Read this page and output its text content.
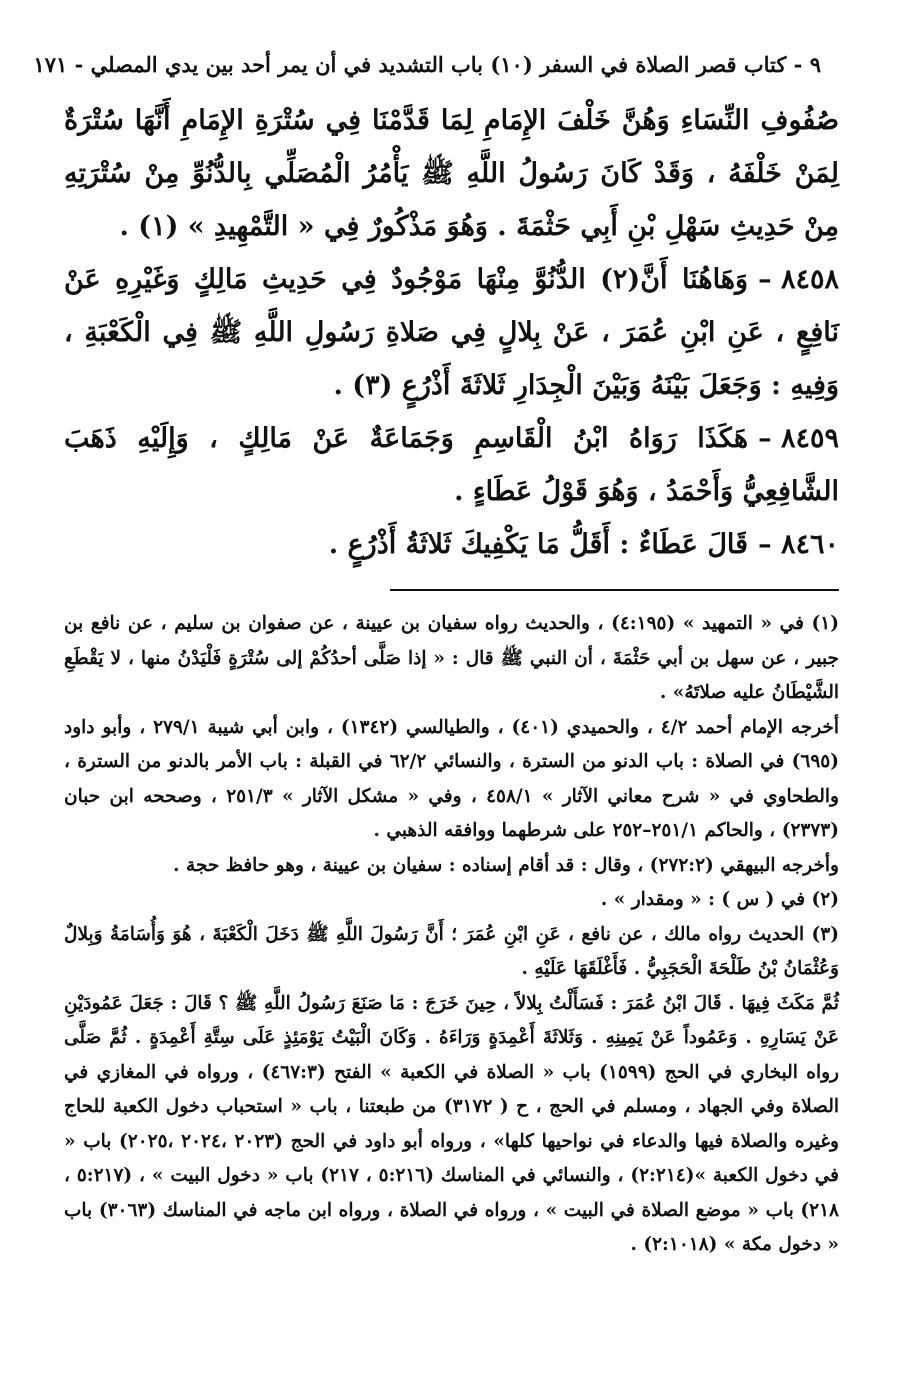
٩ - كتاب قصر الصلاة في السفر (١٠) باب التشديد في أن يمر أحد بين يدي المصلي - ١٧١

صُفُوفِ النِّسَاءِ وَهُنَّ خَلْفَ الإِمَامِ لِمَا قَدَّمْنَا فِي سُتْرَةِ الإِمَامِ أَنَّهَا سُتْرَةٌ لِمَنْ خَلْفَهُ ، وَقَدْ كَانَ رَسُولُ اللَّهِ ﷺ يَأْمُرُ الْمُصَلِّي بِالدُّنُوِّ مِنْ سُتْرَتِهِ مِنْ حَدِيثِ سَهْلِ بْنِ أَبِي حَثْمَةَ . وَهُوَ مَذْكُورٌ فِي « التَّمْهِيدِ » (١) .

٨٤٥٨ –وَهَاهُنَا أَنَّ(٢) الدُّنُوَّ مِنْهَا مَوْجُودٌ فِي حَدِيثِ مَالِكٍ وَغَيْرِهِ عَنْ نَافِعٍ ، عَنِ ابْنِ عُمَرَ ، عَنْ بِلالٍ فِي صَلاةِ رَسُولِ اللَّهِ ﷺ فِي الْكَعْبَةِ ، وَفِيهِ : وَجَعَلَ بَيْنَهُ وَبَيْنَ الْجِدَارِ ثَلاثَةَ أَذْرُعٍ (٣) .

٨٤٥٩ –هَكَذَا رَوَاهُ ابْنُ الْقَاسِمِ وَجَمَاعَةٌ عَنْ مَالِكٍ ، وَإِلَيْهِ ذَهَبَ الشَّافِعِيُّ وَأَحْمَدُ ، وَهُوَ قَوْلُ عَطَاءٍ .

٨٤٦٠ –قَالَ عَطَاءٌ : أَقَلُّ مَا يَكْفِيكَ ثَلاثَةُ أَذْرُعٍ .

(١) في « التمهيد » (٤:١٩٥) ، والحديث رواه سفيان بن عيينة ، عن صفوان بن سليم ، عن نافع بن جبير ، عن سهل بن أبي حَثْمَةَ ، أن النبي ﷺ قال : « إذا صَلَّى أحدُكُمْ إلى سُتْرَةٍ فَلْيَدْنُ منها ، لا يَقْطَعِ الشَّيْطَانُ عليه صلاتَهُ» .

أخرجه الإمام أحمد ٤/٢ ، والحميدي (٤٠١) ، والطيالسي (١٣٤٢) ، وابن أبي شيبة ٢٧٩/١ ، وأبو داود (٦٩٥) في الصلاة : باب الدنو من السترة ، والنسائي ٦٢/٢ في القبلة : باب الأمر بالدنو من السترة ، والطحاوي في « شرح معاني الآثار » ٤٥٨/١ ، وفي « مشكل الآثار » ٢٥١/٣ ، وصححه ابن حبان (٢٣٧٣) ، والحاكم ٢٥١/١–٢٥٢ على شرطهما ووافقه الذهبي .

وأخرجه البيهقي (٢٧٢:٢) ، وقال : قد أقام إسناده : سفيان بن عيينة ، وهو حافظ حجة .

(٢) في ( س ) : « ومقدار » .

(٣) الحديث رواه مالك ، عن نافع ، عَنِ ابْنِ عُمَرَ ؛ أَنَّ رَسُولَ اللَّهِ ﷺ دَخَلَ الْكَعْبَةَ ، هُوَ وَأُسَامَةُ وَبِلالٌ وَعُثْمَانُ بْنُ طَلْحَةَ الْحَجَبِيُّ . فَأَغْلَقَهَا عَلَيْهِ .

ثُمَّ مَكَثَ فِيهَا . قَالَ ابْنُ عُمَرَ : فَسَأَلْتُ بِلالاً ، حِينَ خَرَجَ : مَا صَنَعَ رَسُولُ اللَّهِ ﷺ ؟ قَالَ : جَعَلَ عَمُودَيْنِ عَنْ يَسَارِهِ . وَعَمُوداً عَنْ يَمِينِهِ . وَثَلاثَةَ أَعْمِدَةٍ وَرَاءَهُ . وَكَانَ الْبَيْتُ يَوْمَئِذٍ عَلَى سِتَّةِ أَعْمِدَةٍ . ثُمَّ صَلَّى رواه البخاري في الحج (١٥٩٩) باب « الصلاة في الكعبة » الفتح (٤٦٧:٣) ، ورواه في المغازي في الصلاة وفي الجهاد ، ومسلم في الحج ، ح ( ٣١٧٢) من طبعتنا ، باب « استحباب دخول الكعبة للحاج وغيره والصلاة فيها والدعاء في نواحيها كلها» ، ورواه أبو داود في الحج (٢٠٢٣ ،٢٠٢٤ ،٢٠٢٥) باب « في دخول الكعبة »(٢:٢١٤) ، والنسائي في المناسك (٥:٢١٦ ، ٢١٧) باب « دخول البيت » ، (٥:٢١٧ ، ٢١٨) باب « موضع الصلاة في البيت » ، ورواه في الصلاة ، ورواه ابن ماجه في المناسك (٣٠٦٣) باب « دخول مكة » (٢:١٠١٨) .
